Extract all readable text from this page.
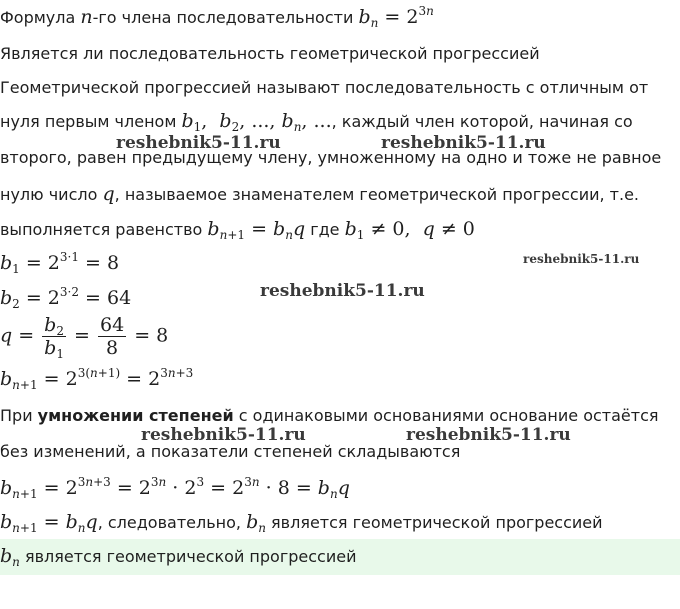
Формула n-го члена последовательности $b_n = 2^{3n}$
Является ли последовательность геометрической прогрессией
Геометрической прогрессией называют последовательность с отличным от
нуля первым членом $b_1$,  $b_2$, ..., $b_n$, ..., каждый член которой, начиная со
второго, равен предыдущему члену, умноженному на одно и тоже не равное
нулю число q, называемое знаменателем геометрической прогрессии, т.е.
выполняется равенство $b_{n+1} = b_nq$ где $b_1 \ne 0$,  q ≠ 0
$b_1 = 2^{3\cdot 1} = 8$
$b_2 = 2^{3\cdot 2} = 64$
$q = \frac{b_2}{b_1} = \frac{64}{8} = 8$
$b_{n+1} = 2^{3(n+1)} = 2^{3n+3}$
При умножении степеней с одинаковыми основаниями основание остаётся
без изменений, а показатели степеней складываются
$b_{n+1} = 2^{3n+3} = 2^{3n} \cdot 2^3 = 2^{3n} \cdot 8 = b_nq$
$b_{n+1} = b_nq$, следовательно, $b_n$ является геометрической прогрессией
$b_n$ является геометрической прогрессией
reshebnik5-11.ru	reshebnik5-11.ru
reshebnik5-11.ru
reshebnik5-11.ru
reshebnik5-11.ru	reshebnik5-11.ru
